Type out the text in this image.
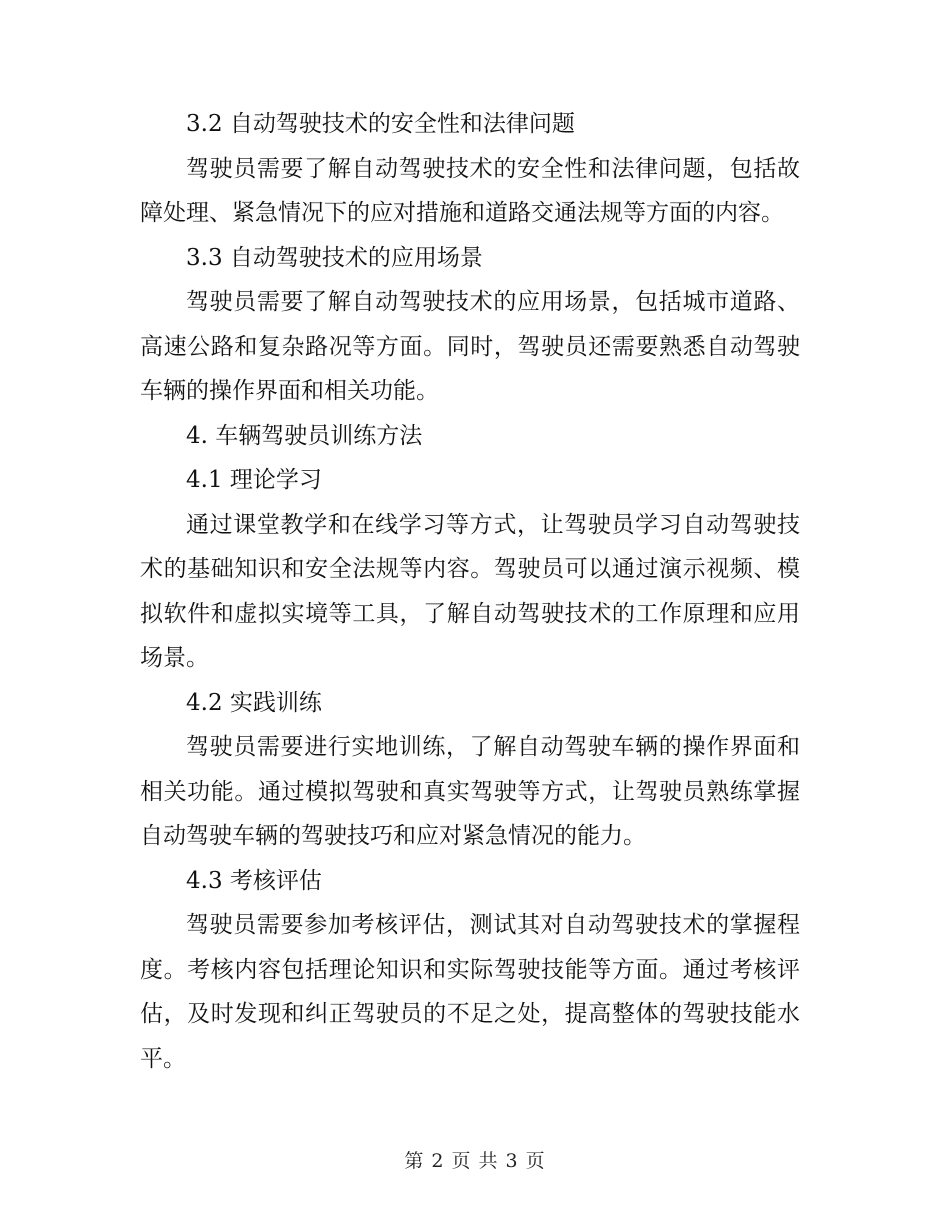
3.2 自动驾驶技术的安全性和法律问题

驾驶员需要了解自动驾驶技术的安全性和法律问题，包括故障处理、紧急情况下的应对措施和道路交通法规等方面的内容。

3.3 自动驾驶技术的应用场景

驾驶员需要了解自动驾驶技术的应用场景，包括城市道路、高速公路和复杂路况等方面。同时，驾驶员还需要熟悉自动驾驶车辆的操作界面和相关功能。

4. 车辆驾驶员训练方法

4.1 理论学习

通过课堂教学和在线学习等方式，让驾驶员学习自动驾驶技术的基础知识和安全法规等内容。驾驶员可以通过演示视频、模拟软件和虚拟实境等工具，了解自动驾驶技术的工作原理和应用场景。

4.2 实践训练

驾驶员需要进行实地训练，了解自动驾驶车辆的操作界面和相关功能。通过模拟驾驶和真实驾驶等方式，让驾驶员熟练掌握自动驾驶车辆的驾驶技巧和应对紧急情况的能力。

4.3 考核评估

驾驶员需要参加考核评估，测试其对自动驾驶技术的掌握程度。考核内容包括理论知识和实际驾驶技能等方面。通过考核评估，及时发现和纠正驾驶员的不足之处，提高整体的驾驶技能水平。

第 2 页 共 3 页
